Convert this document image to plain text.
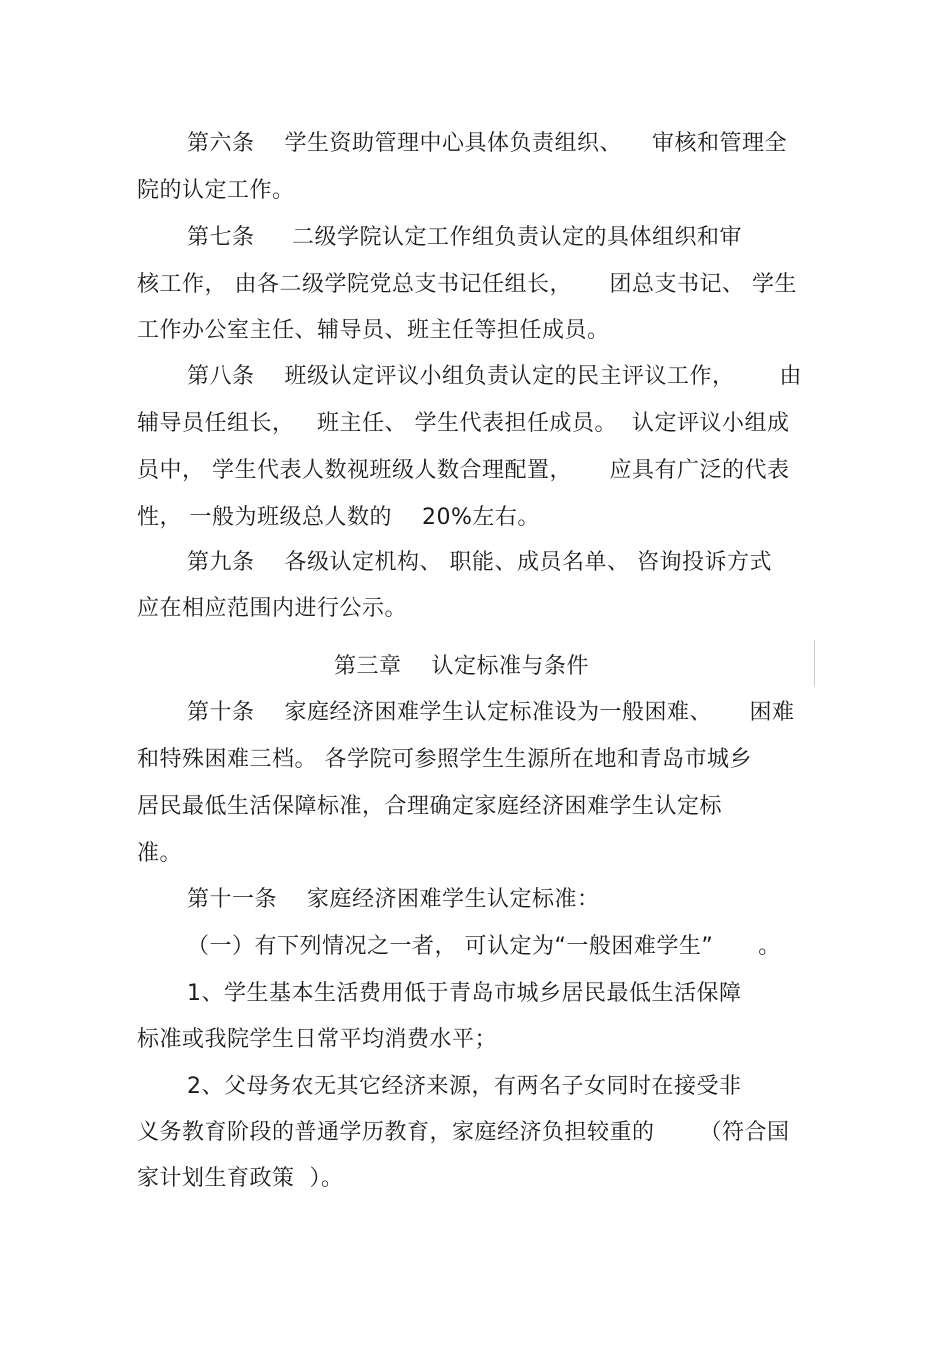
第六条    学生资助管理中心具体负责组织、    审核和管理全
院的认定工作。
第七条     二级学院认定工作组负责认定的具体组织和审
核工作， 由各二级学院党总支书记任组长，     团总支书记、 学生
工作办公室主任、辅导员、班主任等担任成员。
第八条    班级认定评议小组负责认定的民主评议工作，      由
辅导员任组长，   班主任、 学生代表担任成员。  认定评议小组成
员中， 学生代表人数视班级人数合理配置，     应具有广泛的代表
性， 一般为班级总人数的    20%左右。
第九条    各级认定机构、 职能、成员名单、 咨询投诉方式
应在相应范围内进行公示。
第三章    认定标准与条件
第十条    家庭经济困难学生认定标准设为一般困难、     困难
和特殊困难三档。 各学院可参照学生生源所在地和青岛市城乡
居民最低生活保障标准，合理确定家庭经济困难学生认定标
准。
第十一条    家庭经济困难学生认定标准：
（一）有下列情况之一者， 可认定为“一般困难学生”      。
1、学生基本生活费用低于青岛市城乡居民最低生活保障
标准或我院学生日常平均消费水平；
2、父母务农无其它经济来源，有两名子女同时在接受非
义务教育阶段的普通学历教育，家庭经济负担较重的      （符合国
家计划生育政策  ）。
